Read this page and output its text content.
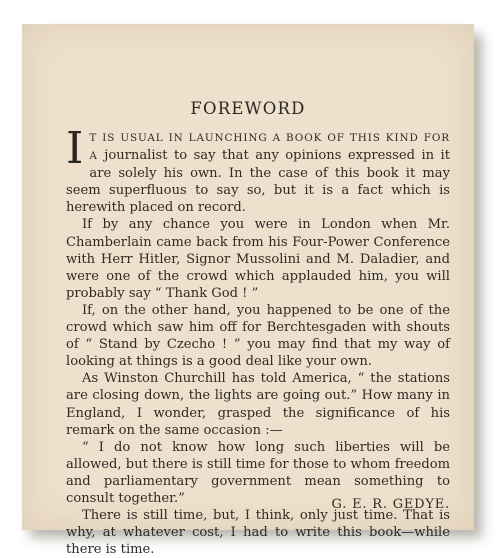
FOREWORD

I T IS USUAL IN LAUNCHING A BOOK OF THIS KIND FOR A journalist to say that any opinions expressed in it are solely his own. In the case of this book it may seem superfluous to say so, but it is a fact which is herewith placed on record.

If by any chance you were in London when Mr. Chamberlain came back from his Four-Power Conference with Herr Hitler, Signor Mussolini and M. Daladier, and were one of the crowd which applauded him, you will probably say “ Thank God ! ”

If, on the other hand, you happened to be one of the crowd which saw him off for Berchtesgaden with shouts of “ Stand by Czecho ! ” you may find that my way of looking at things is a good deal like your own.

As Winston Churchill has told America, “ the stations are closing down, the lights are going out.” How many in England, I wonder, grasped the significance of his remark on the same occasion :—

“ I do not know how long such liberties will be allowed, but there is still time for those to whom freedom and parliamentary government mean something to consult together.”

There is still time, but, I think, only just time. That is why, at whatever cost, I had to write this book—while there is time.

G. E. R. GEDYE.
